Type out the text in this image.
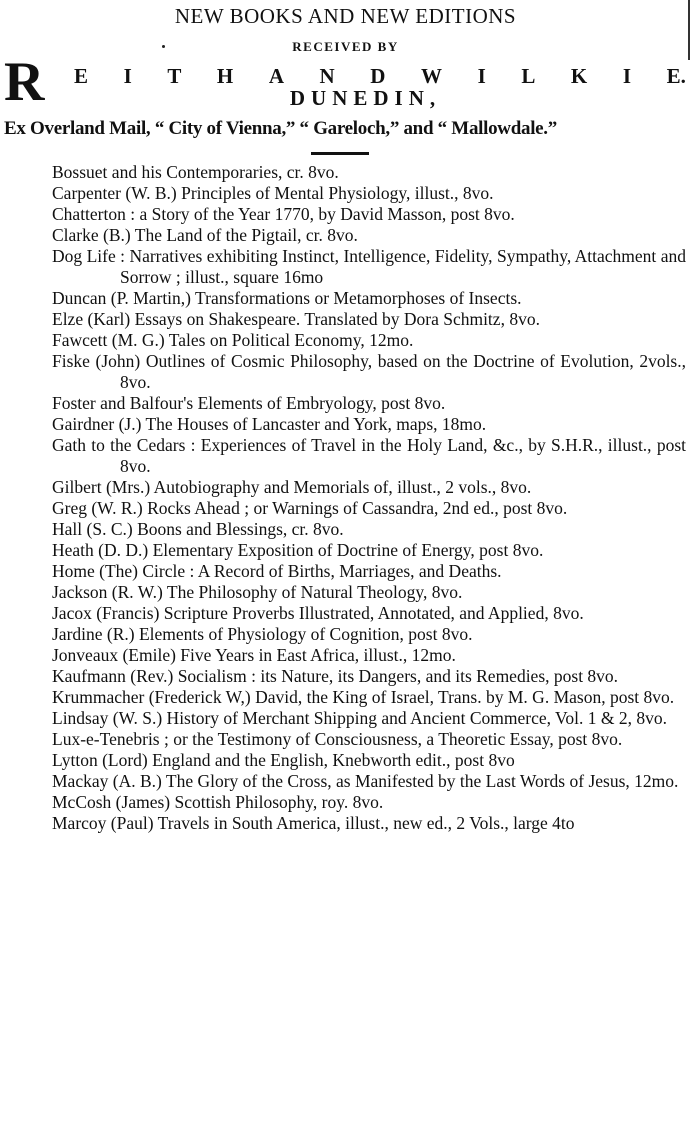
NEW BOOKS AND NEW EDITIONS
RECEIVED BY
R E I T H A N D W I L K I E.
DUNEDIN,
Ex Overland Mail, “ City of Vienna,” “ Gareloch,” and “ Mallowdale.”
Bossuet and his Contemporaries, cr. 8vo.
Carpenter (W. B.) Principles of Mental Physiology, illust., 8vo.
Chatterton : a Story of the Year 1770, by David Masson, post 8vo.
Clarke (B.) The Land of the Pigtail, cr. 8vo.
Dog Life : Narratives exhibiting Instinct, Intelligence, Fidelity, Sympathy, Attachment and Sorrow ; illust., square 16mo
Duncan (P. Martin,) Transformations or Metamorphoses of Insects.
Elze (Karl) Essays on Shakespeare. Translated by Dora Schmitz, 8vo.
Fawcett (M. G.) Tales on Political Economy, 12mo.
Fiske (John) Outlines of Cosmic Philosophy, based on the Doctrine of Evolution, 2vols., 8vo.
Foster and Balfour's Elements of Embryology, post 8vo.
Gairdner (J.) The Houses of Lancaster and York, maps, 18mo.
Gath to the Cedars : Experiences of Travel in the Holy Land, &c., by S.H.R., illust., post 8vo.
Gilbert (Mrs.) Autobiography and Memorials of, illust., 2 vols., 8vo.
Greg (W. R.) Rocks Ahead ; or Warnings of Cassandra, 2nd ed., post 8vo.
Hall (S. C.) Boons and Blessings, cr. 8vo.
Heath (D. D.) Elementary Exposition of Doctrine of Energy, post 8vo.
Home (The) Circle : A Record of Births, Marriages, and Deaths.
Jackson (R. W.) The Philosophy of Natural Theology, 8vo.
Jacox (Francis) Scripture Proverbs Illustrated, Annotated, and Applied, 8vo.
Jardine (R.) Elements of Physiology of Cognition, post 8vo.
Jonveaux (Emile) Five Years in East Africa, illust., 12mo.
Kaufmann (Rev.) Socialism : its Nature, its Dangers, and its Remedies, post 8vo.
Krummacher (Frederick W,) David, the King of Israel, Trans. by M. G. Mason, post 8vo.
Lindsay (W. S.) History of Merchant Shipping and Ancient Commerce, Vol. 1 & 2, 8vo.
Lux-e-Tenebris ; or the Testimony of Consciousness, a Theoretic Essay, post 8vo.
Lytton (Lord) England and the English, Knebworth edit., post 8vo
Mackay (A. B.) The Glory of the Cross, as Manifested by the Last Words of Jesus, 12mo.
McCosh (James) Scottish Philosophy, roy. 8vo.
Marcoy (Paul) Travels in South America, illust., new ed., 2 Vols., large 4to
